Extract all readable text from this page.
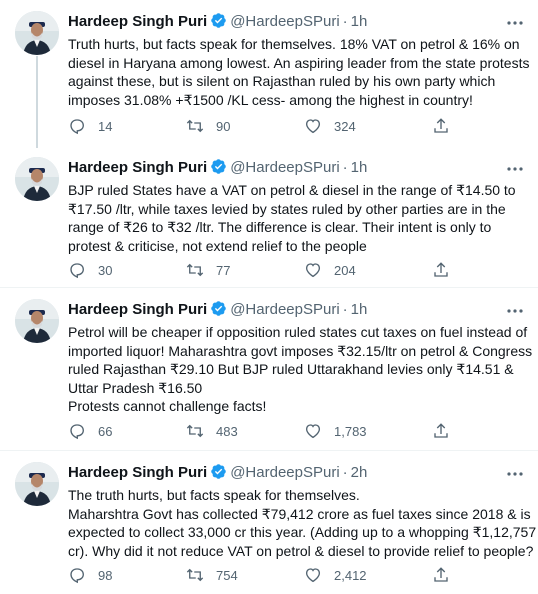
Hardeep Singh Puri @HardeepSPuri · 1h
Truth hurts, but facts speak for themselves. 18% VAT on petrol & 16% on
diesel in Haryana among lowest. An aspiring leader from the state protests
against these, but is silent on Rajasthan ruled by his own party which
imposes 31.08% +₹1500 /KL cess- among the highest in country!
14	90	324
Hardeep Singh Puri @HardeepSPuri · 1h
BJP ruled States have a VAT on petrol & diesel in the range of ₹14.50 to
₹17.50 /ltr, while taxes levied by states ruled by other parties are in the
range of ₹26 to ₹32 /ltr. The difference is clear. Their intent is only to
protest & criticise, not extend relief to the people
30	77	204
Hardeep Singh Puri @HardeepSPuri · 1h
Petrol will be cheaper if opposition ruled states cut taxes on fuel instead of
imported liquor! Maharashtra govt imposes ₹32.15/ltr on petrol & Congress
ruled Rajasthan ₹29.10 But BJP ruled Uttarakhand levies only ₹14.51 &
Uttar Pradesh ₹16.50
Protests cannot challenge facts!
66	483	1,783
Hardeep Singh Puri @HardeepSPuri · 2h
The truth hurts, but facts speak for themselves.
Maharshtra Govt has collected ₹79,412 crore as fuel taxes since 2018 & is
expected to collect 33,000 cr this year. (Adding up to a whopping ₹1,12,757
cr). Why did it not reduce VAT on petrol & diesel to provide relief to people?
98	754	2,412
